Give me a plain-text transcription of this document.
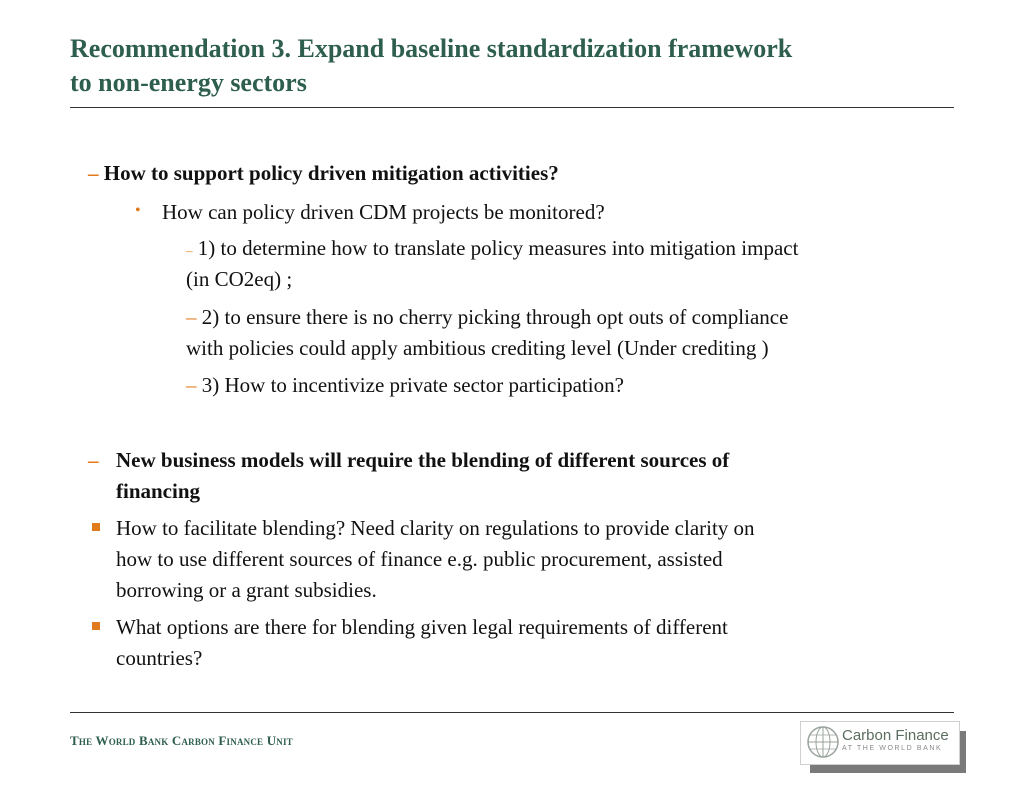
Recommendation 3. Expand baseline standardization framework
to non-energy sectors
– How to support policy driven mitigation activities?
• How can policy driven CDM projects be monitored?
– 1) to determine how to translate policy measures into mitigation impact
(in CO2eq) ;
– 2) to ensure there is no cherry picking through opt outs of compliance
with policies could apply ambitious crediting level (Under crediting )
– 3) How to incentivize private sector participation?
– New business models will require the blending of different sources of
financing
How to facilitate blending? Need clarity on regulations to provide clarity on
how to use different sources of finance e.g. public procurement, assisted
borrowing or a grant subsidies.
What options are there for blending given legal requirements of different
countries?
The World Bank Carbon Finance Unit	Carbon Finance
AT THE WORLD BANK
